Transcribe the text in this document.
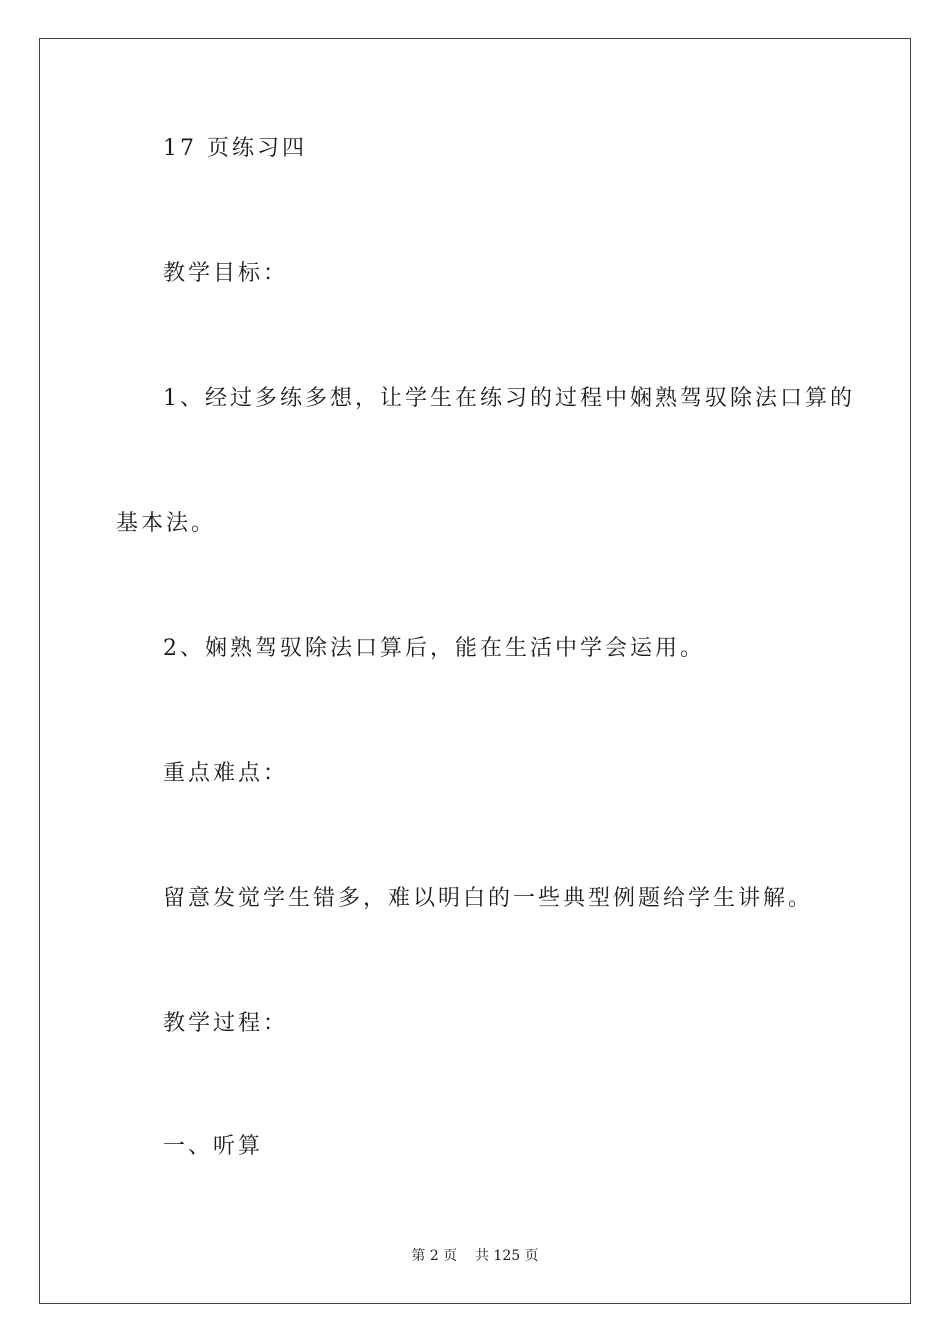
17 页练习四
教学目标：
1、经过多练多想，让学生在练习的过程中娴熟驾驭除法口算的
基本法。
2、娴熟驾驭除法口算后，能在生活中学会运用。
重点难点：
留意发觉学生错多，难以明白的一些典型例题给学生讲解。
教学过程：
一、听算
第 2 页    共 125 页
